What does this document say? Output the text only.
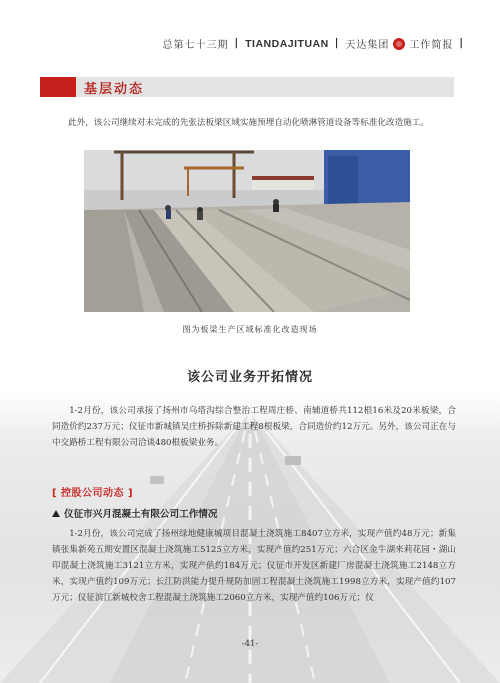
总第七十三期 | TIANDAJITUAN | 天达集团 工作简报 |
基层动态
此外，该公司继续对未完成的先张法板梁区域实施预埋自动化喷淋管道设备等标准化改造施工。
图为板梁生产区域标准化改造现场
该公司业务开拓情况
1-2月份，该公司承接了扬州市乌塔沟综合整治工程周庄桥、南辅道桥共112根16米及20米板梁，合同造价约237万元；仪征市新城镇吴庄桥拆除新建工程8根板梁，合同造价约12万元。另外，该公司正在与中交路桥工程有限公司洽谈480根板梁业务。
[ 控股公司动态 ]
仪征市兴月混凝土有限公司工作情况
1-2月份，该公司完成了扬州绿地健康城项目混凝土浇筑施工8407立方米，实现产值约48万元；新集镇张集新苑五期安置区混凝土浇筑施工5125立方米，实现产值约251万元；六合区金牛湖来莉花园・湖山印混凝土浇筑施工3121立方米，实现产值约184万元；仪征市开发区新建厂房混凝土浇筑施工2148立方米，实现产值约109万元；长江防洪能力提升规防加固工程混凝土浇筑施工1998立方米，实现产值约107万元；仪征滨江新城校舍工程混凝土浇筑施工2060立方米，实现产值约106万元；仪
-41-
